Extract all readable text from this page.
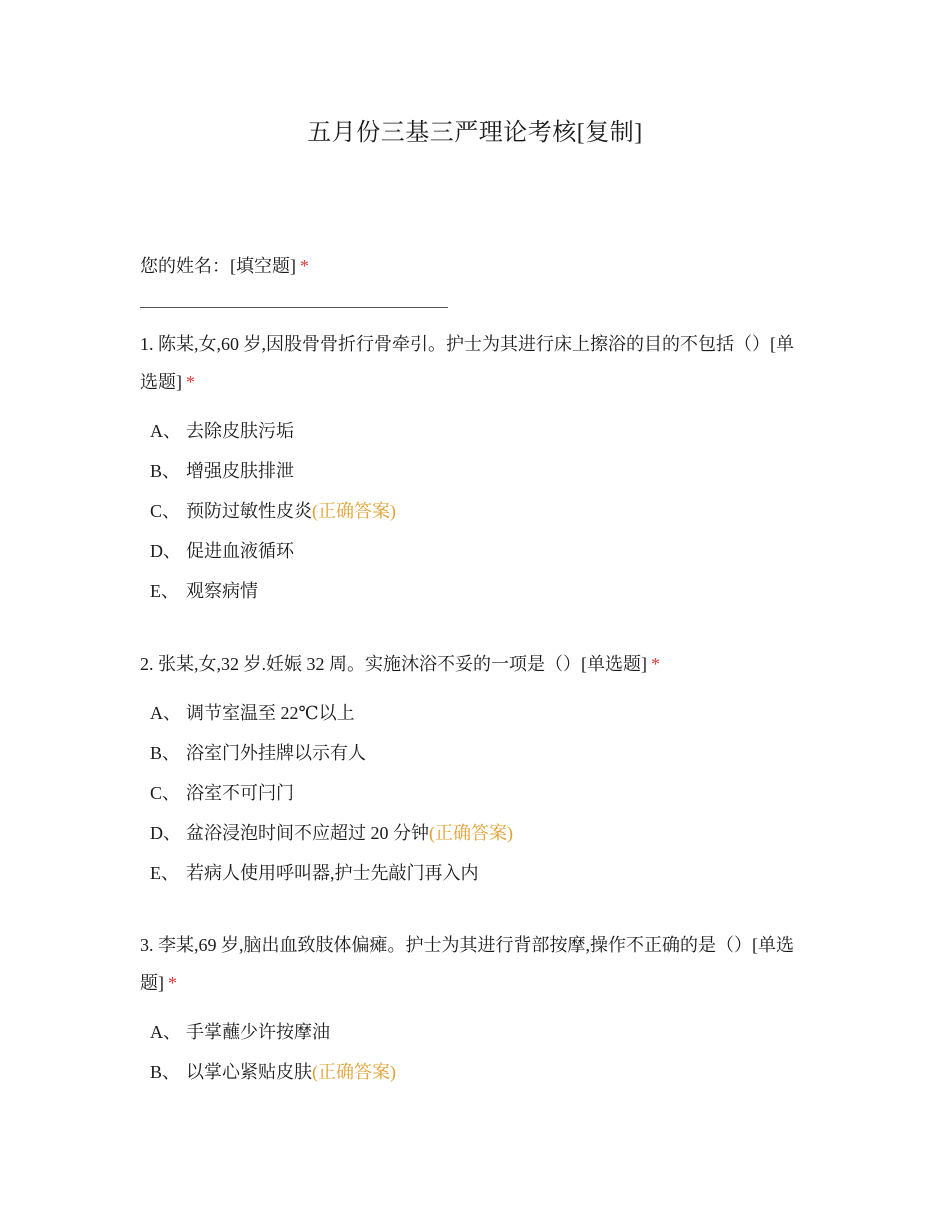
五月份三基三严理论考核[复制]
您的姓名：[填空题] *

1. 陈某,女,60 岁,因股骨骨折行骨牵引。护士为其进行床上擦浴的目的不包括（）[单选题] *

A、 去除皮肤污垢
B、 增强皮肤排泄
C、 预防过敏性皮炎(正确答案)
D、 促进血液循环
E、 观察病情

2. 张某,女,32 岁.妊娠 32 周。实施沐浴不妥的一项是（）[单选题] *

A、 调节室温至 22℃以上
B、 浴室门外挂牌以示有人
C、 浴室不可闩门
D、 盆浴浸泡时间不应超过 20 分钟(正确答案)
E、 若病人使用呼叫器,护士先敲门再入内

3. 李某,69 岁,脑出血致肢体偏瘫。护士为其进行背部按摩,操作不正确的是（）[单选题] *

A、 手掌蘸少许按摩油
B、 以掌心紧贴皮肤(正确答案)
